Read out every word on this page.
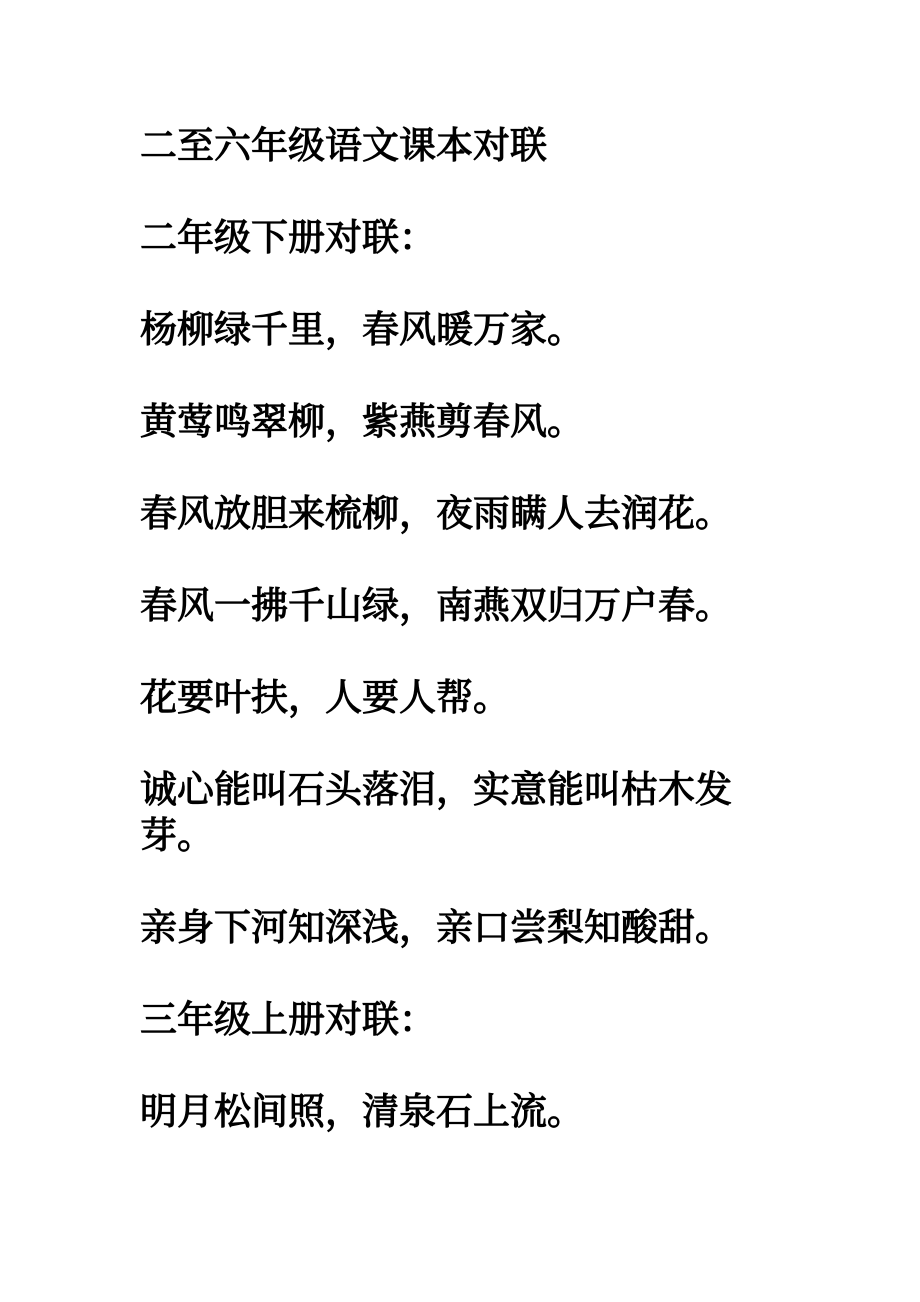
二至六年级语文课本对联

二年级下册对联：

杨柳绿千里，春风暖万家。

黄莺鸣翠柳，紫燕剪春风。

春风放胆来梳柳，夜雨瞒人去润花。

春风一拂千山绿，南燕双归万户春。

花要叶扶，人要人帮。

诚心能叫石头落泪，实意能叫枯木发

芽。

亲身下河知深浅，亲口尝梨知酸甜。

三年级上册对联：

明月松间照，清泉石上流。
